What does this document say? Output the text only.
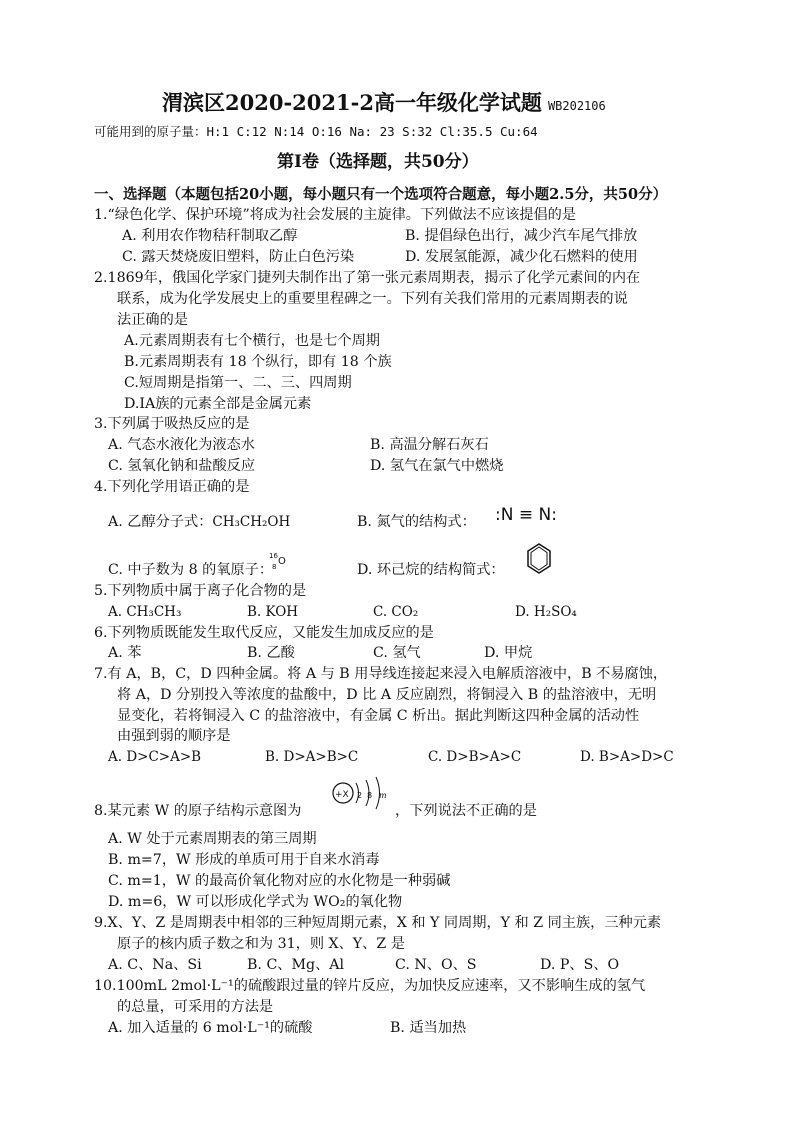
渭滨区2020-2021-2高一年级化学试题 WB202106
可能用到的原子量：H:1 C:12 N:14 O:16 Na: 23 S:32 Cl:35.5 Cu:64
第Ⅰ卷（选择题，共50分）
一、选择题（本题包括20小题，每小题只有一个选项符合题意，每小题2.5分，共50分）
1.“绿色化学、保护环境”将成为社会发展的主旋律。下列做法不应该提倡的是
A. 利用农作物秸秆制取乙醇	B. 提倡绿色出行，减少汽车尾气排放
C. 露天焚烧废旧塑料，防止白色污染	D. 发展氢能源，减少化石燃料的使用
2.1869年，俄国化学家门捷列夫制作出了第一张元素周期表，揭示了化学元素间的内在
联系，成为化学发展史上的重要里程碑之一。下列有关我们常用的元素周期表的说
法正确的是
A.元素周期表有七个横行，也是七个周期
B.元素周期表有 18 个纵行，即有 18 个族
C.短周期是指第一、二、三、四周期
D.IA族的元素全部是金属元素
3.下列属于吸热反应的是
A. 气态水液化为液态水	B. 高温分解石灰石
C. 氢氧化钠和盐酸反应	D. 氢气在氯气中燃烧
4.下列化学用语正确的是
A. 乙醇分子式：CH₃CH₂OH	B. 氮气的结构式： :N ≡ N:
C. 中子数为 8 的氧原子：
16
8 O
D. 环己烷的结构简式：
5.下列物质中属于离子化合物的是
A. CH₃CH₃	B. KOH	C. CO₂	D. H₂SO₄
6.下列物质既能发生取代反应，又能发生加成反应的是
A. 苯	B. 乙酸	C. 氢气	D. 甲烷
7.有 A，B，C，D 四种金属。将 A 与 B 用导线连接起来浸入电解质溶液中，B 不易腐蚀，
将 A，D 分别投入等浓度的盐酸中，D 比 A 反应剧烈，将铜浸入 B 的盐溶液中，无明
显变化，若将铜浸入 C 的盐溶液中，有金属 C 析出。据此判断这四种金属的活动性
由强到弱的顺序是
A. D>C>A>B	B. D>A>B>C	C. D>B>A>C	D. B>A>D>C
8.某元素 W 的原子结构示意图为
+X 2 8 m
，下列说法不正确的是
A. W 处于元素周期表的第三周期
B. m=7，W 形成的单质可用于自来水消毒
C. m=1，W 的最高价氧化物对应的水化物是一种弱碱
D. m=6，W 可以形成化学式为 WO₂的氧化物
9.X、Y、Z 是周期表中相邻的三种短周期元素，X 和 Y 同周期，Y 和 Z 同主族，三种元素
原子的核内质子数之和为 31，则 X、Y、Z 是
A. C、Na、Si	B. C、Mg、Al	C. N、O、S	D. P、S、O
10.100mL 2mol·L⁻¹的硫酸跟过量的锌片反应，为加快反应速率，又不影响生成的氢气
的总量，可采用的方法是
A. 加入适量的 6 mol·L⁻¹的硫酸	B. 适当加热
